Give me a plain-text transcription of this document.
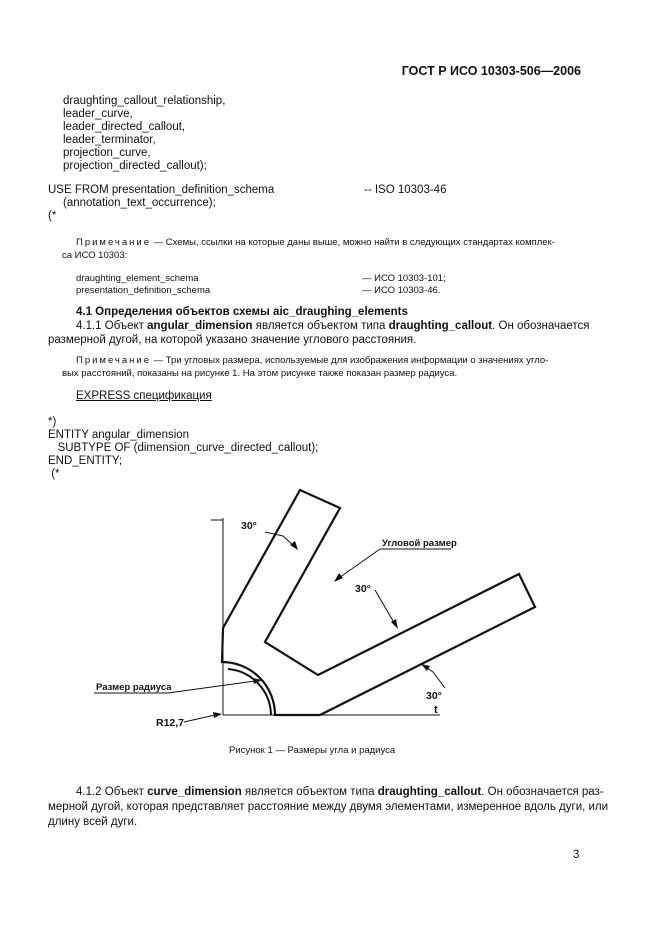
ГОСТ Р ИСО 10303-506—2006
draughting_callout_relationship,
leader_curve,
leader_directed_callout,
leader_terminator,
projection_curve,
projection_directed_callout);
USE FROM presentation_definition_schema	-- ISO 10303-46
(annotation_text_occurrence);
(*
Примечание — Схемы, ссылки на которые даны выше, можно найти в следующих стандартах комплек-
са ИСО 10303:
draughting_element_schema	— ИСО 10303-101;
presentation_definition_schema	— ИСО 10303-46.
4.1 Определения объектов схемы aic_draughing_elements
4.1.1 Объект angular_dimension является объектом типа draughting_callout. Он обозначается
размерной дугой, на которой указано значение углового расстояния.
Примечание — Три угловых размера, используемые для изображения информации о значениях угло-
вых расстояний, показаны на рисунке 1. На этом рисунке также показан размер радиуса.
EXPRESS спецификация
*)
ENTITY angular_dimension
SUBTYPE OF (dimension_curve_directed_callout);
END_ENTITY;
(*
30°
30°
30°
Угловой размер
Размер радиуса
R12,7
t
Рисунок 1 — Размеры угла и радиуса
4.1.2 Объект curve_dimension является объектом типа draughting_callout. Он обозначается раз-
мерной дугой, которая представляет расстояние между двумя элементами, измеренное вдоль дуги, или
длину всей дуги.
3
